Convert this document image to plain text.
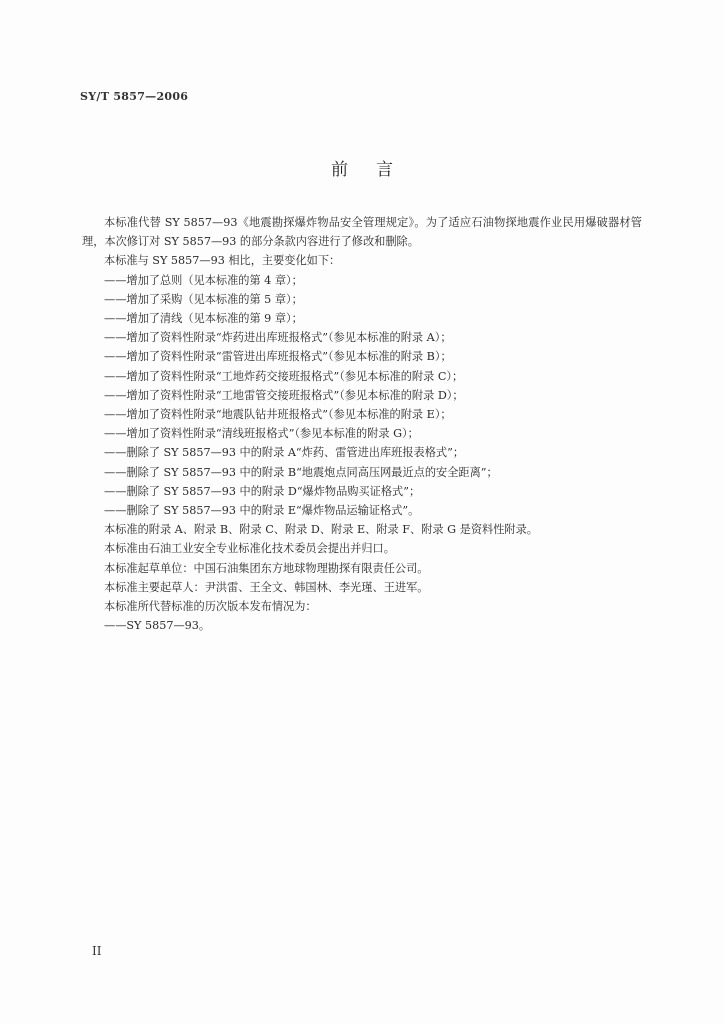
SY/T 5857—2006
前言

本标准代替 SY 5857—93《地震勘探爆炸物品安全管理规定》。为了适应石油物探地震作业民用爆破器材管理，本次修订对 SY 5857—93 的部分条款内容进行了修改和删除。

本标准与 SY 5857—93 相比，主要变化如下：

——增加了总则（见本标准的第 4 章）；
——增加了采购（见本标准的第 5 章）；
——增加了清线（见本标准的第 9 章）；
——增加了资料性附录“炸药进出库班报格式”（参见本标准的附录 A）；
——增加了资料性附录“雷管进出库班报格式”（参见本标准的附录 B）；
——增加了资料性附录“工地炸药交接班报格式”（参见本标准的附录 C）；
——增加了资料性附录“工地雷管交接班报格式”（参见本标准的附录 D）；
——增加了资料性附录“地震队钻井班报格式”（参见本标准的附录 E）；
——增加了资料性附录“清线班报格式”（参见本标准的附录 G）；
——删除了 SY 5857—93 中的附录 A“炸药、雷管进出库班报表格式”；
——删除了 SY 5857—93 中的附录 B“地震炮点同高压网最近点的安全距离”；
——删除了 SY 5857—93 中的附录 D“爆炸物品购买证格式”；
——删除了 SY 5857—93 中的附录 E“爆炸物品运输证格式”。

本标准的附录 A、附录 B、附录 C、附录 D、附录 E、附录 F、附录 G 是资料性附录。

本标准由石油工业安全专业标准化技术委员会提出并归口。

本标准起草单位：中国石油集团东方地球物理勘探有限责任公司。

本标准主要起草人：尹洪雷、王全文、韩国林、李光瑾、王进军。

本标准所代替标准的历次版本发布情况为：

——SY 5857—93。
II
